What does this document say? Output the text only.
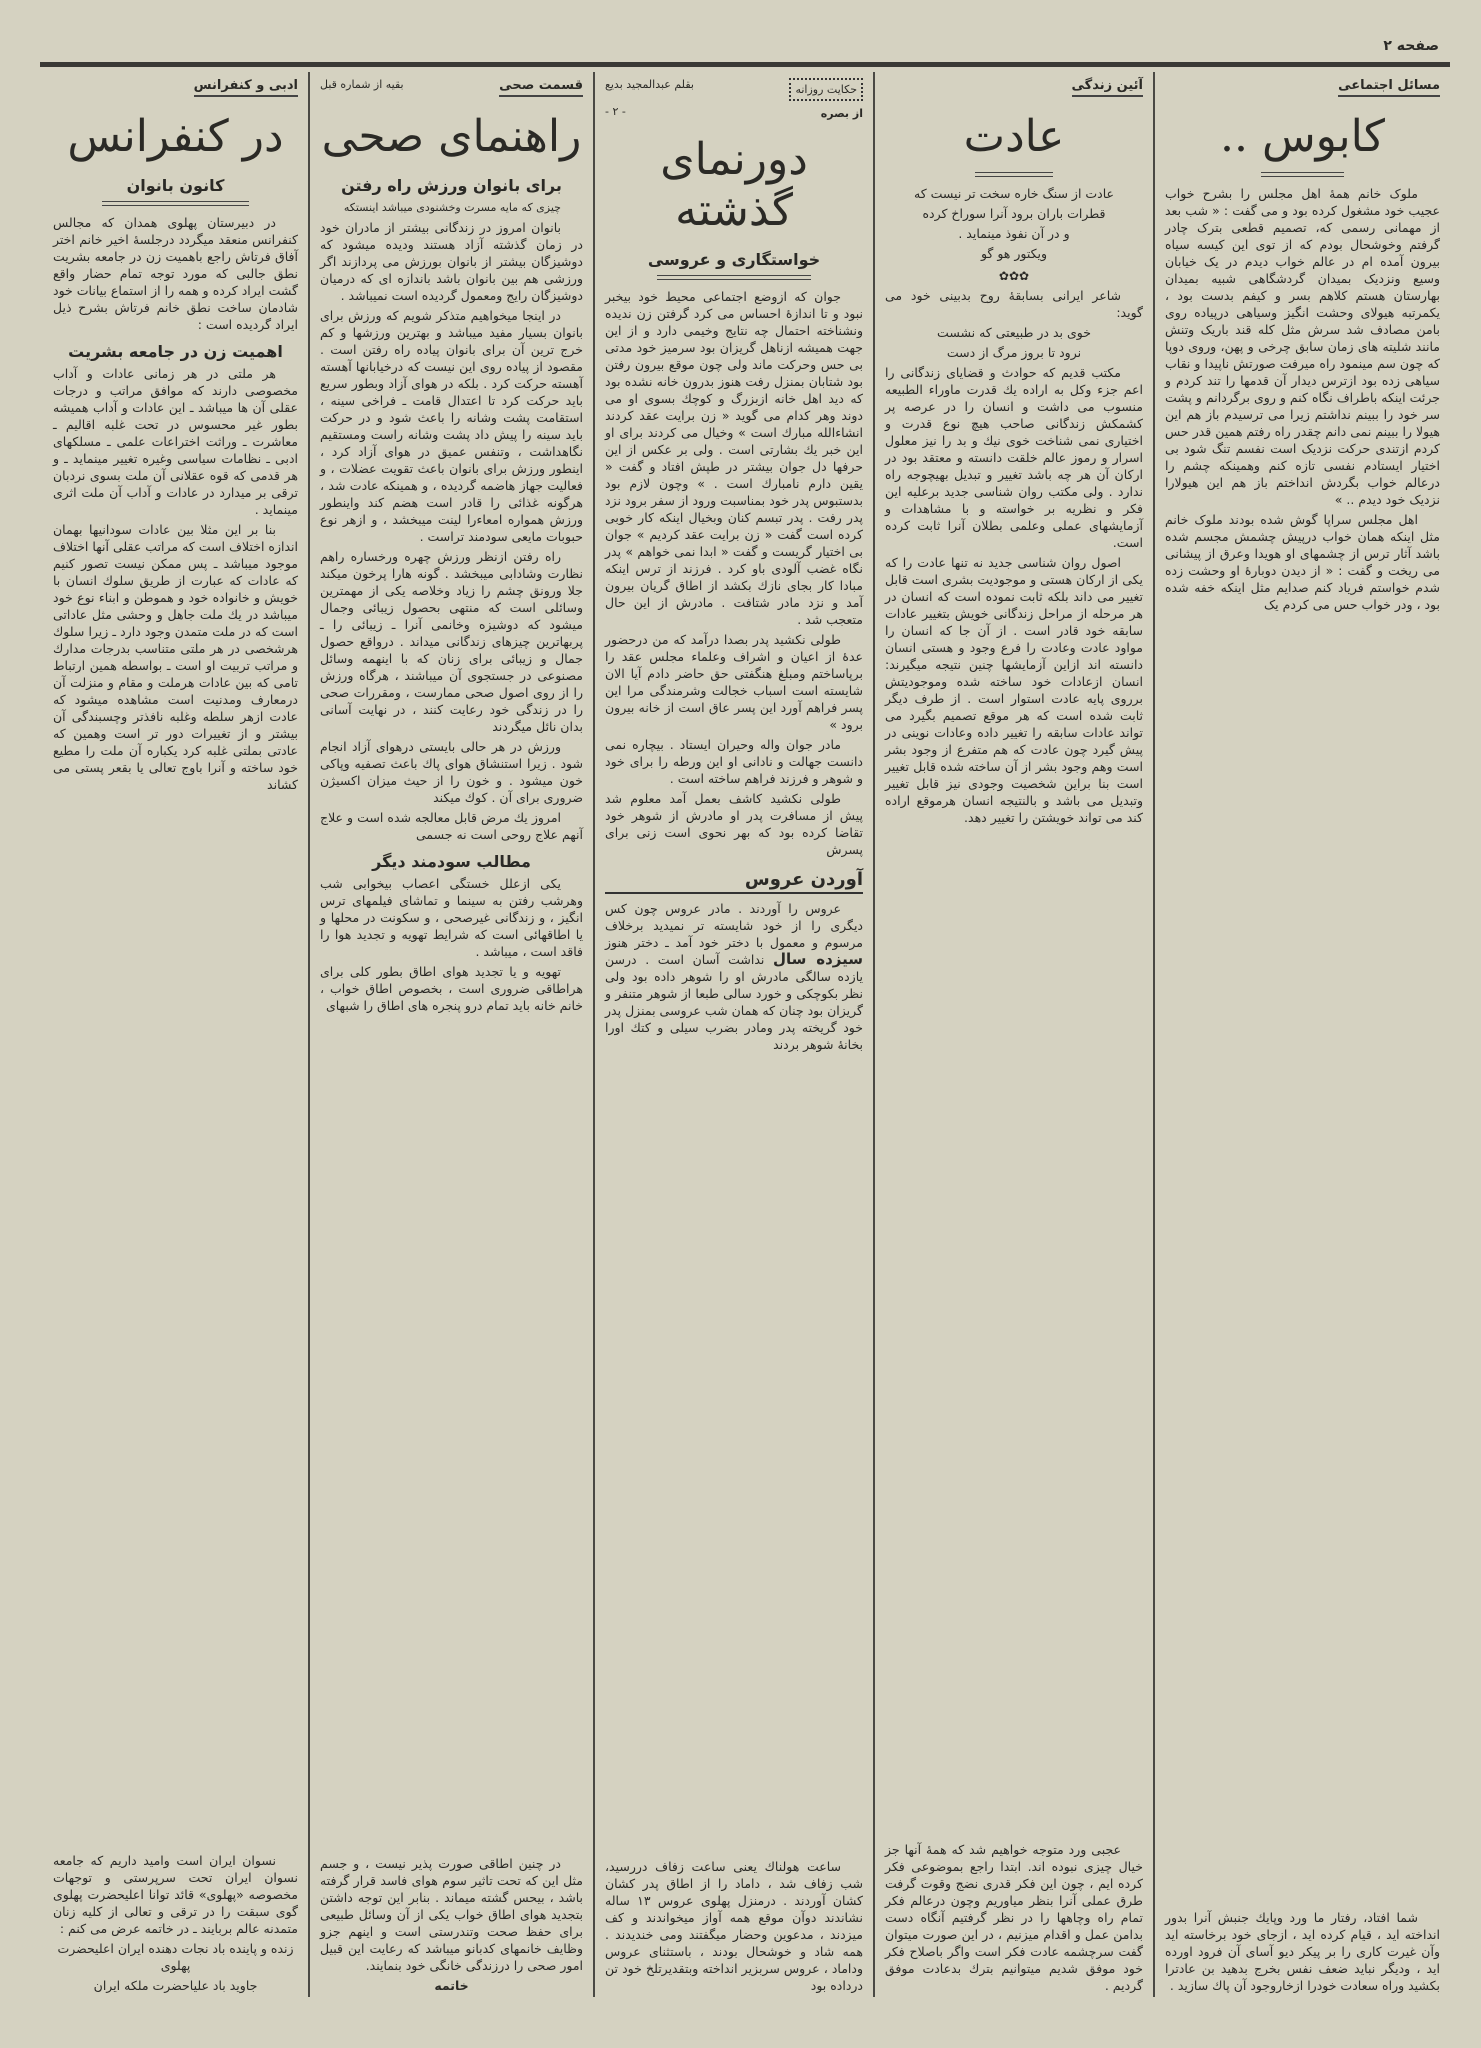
صفحه ۲
مسائل اجتماعی
کابوس ..

ملوک خانم همهٔ اهل مجلس را بشرح خواب عجیب خود مشغول کرده بود و می گفت : « شب بعد از مهمانی رسمی که، تصمیم قطعی بترک چادر گرفتم وخوشحال بودم که از توی این کیسه سیاه بیرون آمده ام در عالم خواب دیدم در یک خیابان وسیع ونزدیک بمیدان گردشگاهی شبیه بمیدان بهارستان هستم کلاهم بسر و کیفم بدست بود ، یکمرتبه هیولای وحشت انگیز وسیاهی درپیاده روی بامن مصادف شد سرش مثل کله قند باریک وتنش مانند شلیته های زمان سابق چرخی و پهن، وروی دوپا که چون سم مینمود راه میرفت صورتش ناپیدا و نقاب سیاهی زده بود ازترس دیدار آن قدمها را تند کردم و جرئت اینکه باطراف نگاه کنم و روی برگردانم و پشت سر خود را ببینم نداشتم زیرا می ترسیدم باز هم این هیولا را ببینم نمی دانم چقدر راه رفتم همین قدر حس کردم ازتندی حرکت نزدیک است نفسم تنگ شود بی اختیار ایستادم نفسی تازه کنم وهمینکه چشم را درعالم خواب بگردش انداختم باز هم این هیولارا نزدیک خود دیدم .. »

اهل مجلس سراپا گوش شده بودند ملوک خانم مثل اینکه همان خواب درپیش چشمش مجسم شده باشد آثار ترس از چشمهای او هویدا وعرق از پیشانی می ریخت و گفت : « از دیدن دوبارهٔ او وحشت زده شدم خواستم فریاد کنم صدایم مثل اینکه خفه شده بود ، ودر خواب حس می کردم یک

شما افتاد، رفتار ما ورد وپایك جنبش آنرا بدور انداخته اید ، قیام کرده اید ، ازجای خود برخاسته اید وآن غیرت کاری را بر پیکر دیو آسای آن فرود اورده اید ، ودیگر نباید ضعف نفس بخرج بدهید بن عادترا بکشید وراه سعادت خودرا ازخاروجود آن پاك سازید .

آئین زندگی
عادت

عادت از سنگ خاره سخت تر نیست که

قطرات باران برود آنرا سوراخ کرده

و در آن نفوذ مینماید .

ویکتور هو گو

✿✿✿

شاعر ایرانی بسابقهٔ روح بدبینی خود می گوید:

خوی بد در طبیعتی که نشست

نرود تا بروز مرگ از دست

مکتب قدیم که حوادث و قضایای زندگانی را اعم جزء وکل به اراده یك قدرت ماوراء الطبیعه منسوب می داشت و انسان را در عرصه پر کشمکش زندگانی صاحب هیچ نوع قدرت و اختیاری نمی شناخت خوی نیك و بد را نیز معلول اسرار و رموز عالم خلقت دانسته و معتقد بود در ارکان آن هر چه باشد تغییر و تبدیل بهیچوجه راه ندارد . ولی مکتب روان شناسی جدید برعلیه این فکر و نظریه بر خواسته و با مشاهدات و آزمایشهای عملی وعلمی بطلان آنرا ثابت کرده است.

اصول روان شناسی جدید نه تنها عادت را که یکی از ارکان هستی و موجودیت بشری است قابل تغییر می داند بلکه ثابت نموده است که انسان در هر مرحله از مراحل زندگانی خویش بتغییر عادات سابقه خود قادر است . از آن جا که انسان را مواود عادت وعادت را فرع وجود و هستی انسان دانسته اند ازاین آزمایشها چنین نتیجه میگیرند: انسان ازعادات خود ساخته شده وموجودیتش برروی پایه عادت استوار است . از طرف دیگر ثابت شده است که هر موقع تصمیم بگیرد می تواند عادات سابقه را تغییر داده وعادات نوینی در پیش گیرد چون عادت که هم متفرع از وجود بشر است وهم وجود بشر از آن ساخته شده قابل تغییر است بنا براین شخصیت وجودی نیز قابل تغییر وتبدیل می باشد و بالنتیجه انسان هرموقع اراده کند می تواند خویشتن را تغییر دهد.

عجبی ورد متوجه خواهیم شد که همهٔ آنها جز خیال چیزی نبوده اند. ابتدا راجع بموضوعی فکر کرده ایم ، چون این فکر قدری نضج وقوت گرفت طرق عملی آنرا بنظر میاوریم وچون درعالم فکر تمام راه وچاهها را در نظر گرفتیم آنگاه دست بدامن عمل و اقدام میزنیم ، در این صورت میتوان گفت سرچشمه عادت فکر است واگر باصلاح فکر خود موفق شدیم میتوانیم بترك بدعادت موفق گردیم .

حکایت روزانه
از بصره
بقلم عبدالمجید بدیع
- ۲ -
دورنمای گذشته
خواستگاری و عروسی

جوان که ازوضع اجتماعی محیط خود بیخبر نبود و تا اندازهٔ احساس می کرد گرفتن زن ندیده ونشناخته احتمال چه نتایج وخیمی دارد و از این جهت همیشه ازناهل گریزان بود سرمیز خود مدتی بی حس وحرکت ماند ولی چون موقع بیرون رفتن بود شتابان بمنزل رفت هنوز بدرون خانه نشده بود که دید اهل خانه ازبزرگ و کوچك بسوی او می دوند وهر کدام می گوید « زن برایت عقد کردند انشاءالله مبارك است » وخیال می کردند برای او این خبر یك بشارتی است . ولی بر عکس از این حرفها دل جوان بیشتر در طپش افتاد و گفت « یقین دارم نامبارك است . » وچون لازم بود بدستبوس پدر خود بمناسبت ورود از سفر برود نزد پدر رفت . پدر تبسم کنان وبخیال اینکه کار خوبی کرده است گفت « زن برایت عقد کردیم » جوان بی اختیار گریست و گفت « ابدا نمی خواهم » پدر نگاه غضب آلودی باو کرد . فرزند از ترس اینکه مبادا کار بجای نازك بکشد از اطاق گریان بیرون آمد و نزد مادر شتافت . مادرش از این حال متعجب شد .

طولی نکشید پدر بصدا درآمد که من درحضور عدهٔ از اعیان و اشراف وعلماء مجلس عقد را برپاساختم ومبلغ هنگفتی حق حاضر دادم آیا الان شایسته است اسباب خجالت وشرمندگی مرا این پسر فراهم آورد این پسر عاق است از خانه بیرون برود »

مادر جوان واله وحیران ایستاد . بیچاره نمی دانست جهالت و نادانی او این ورطه را برای خود و شوهر و فرزند فراهم ساخته است .

طولی نکشید کاشف بعمل آمد معلوم شد پیش از مسافرت پدر او مادرش از شوهر خود تقاضا کرده بود که بهر نحوی است زنی برای پسرش

آوردن عروس

عروس را آوردند . مادر عروس چون کس دیگری را از خود شایسته تر نمیدید برخلاف مرسوم و معمول با دختر خود آمد ـ دختر هنوز سیزده سال نداشت آسان است . درسن یازده سالگی مادرش او را شوهر داده بود ولی نظر بکوچکی و خورد سالی طبعا از شوهر متنفر و گریزان بود چنان که همان شب عروسی بمنزل پدر خود گریخته پدر ومادر بضرب سیلی و کتك اورا بخانهٔ شوهر بردند

ساعت هولناك یعنی ساعت زفاف دررسید، شب زفاف شد ، داماد را از اطاق پدر کشان کشان آوردند . درمنزل پهلوی عروس ۱۳ ساله نشاندند دوآن موقع همه آواز میخواندند و کف میزدند ، مدعوین وحضار میگفتند ومی خندیدند . همه شاد و خوشحال بودند ، باستثنای عروس وداماد ، عروس سربزیر انداخته وبتقدیرتلخ خود تن درداده بود

قسمت صحی
بقیه از شماره قبل
راهنمای صحی
برای بانوان ورزش راه رفتن

چیزی که مایه مسرت وخشنودی میباشد اینستکه

بانوان امروز در زندگانی بیشتر از مادران خود در زمان گذشته آزاد هستند ودیده میشود که دوشیزگان بیشتر از بانوان بورزش می پردازند اگر ورزشی هم بین بانوان باشد باندازه ای که درمیان دوشیزگان رایج ومعمول گردیده است نمیباشد .

در اینجا میخواهیم متذکر شویم که ورزش برای بانوان بسیار مفید میباشد و بهترین ورزشها و کم خرج ترین آن برای بانوان پیاده راه رفتن است . مقصود از پیاده روی این نیست که درخیابانها آهسته آهسته حرکت کرد . بلکه در هوای آزاد وبطور سریع باید حرکت کرد تا اعتدال قامت ـ فراخی سینه ، استقامت پشت وشانه را باعث شود و در حرکت باید سینه را پیش داد پشت وشانه راست ومستقیم نگاهداشت ، وتنفس عمیق در هوای آزاد کرد ، اینطور ورزش برای بانوان باعث تقویت عضلات ، و فعالیت جهاز هاضمه گردیده ، و همینکه عادت شد ، هرگونه غذائی را قادر است هضم کند واینطور ورزش همواره امعاءرا لینت میبخشد ، و ازهر نوع حبوبات مایعی سودمند تراست .

راه رفتن ازنظر ورزش چهره ورخساره راهم نظارت وشادابی میبخشد . گونه هارا پرخون میکند جلا ورونق چشم را زیاد وخلاصه یکی از مهمترین وسائلی است که منتهی بحصول زیبائی وجمال میشود که دوشیزه وخانمی آنرا ـ زیبائی را ـ پربهاترین چیزهای زندگانی میداند . درواقع حصول جمال و زیبائی برای زنان که با اینهمه وسائل مصنوعی در جستجوی آن میباشند ، هرگاه ورزش را از روی اصول صحی ممارست ، ومقررات صحی را در زندگی خود رعایت کنند ، در نهایت آسانی بدان نائل میگردند

ورزش در هر حالی بایستی درهوای آزاد انجام شود . زیرا استنشاق هوای پاك باعث تصفیه وپاکی خون میشود . و خون را از حیث میزان اکسیژن ضروری برای آن . کوك میکند

امروز یك مرض قابل معالجه شده است و علاج آنهم علاج روحی است نه جسمی

مطالب سودمند دیگر

یکی ازعلل خستگی اعصاب بیخوابی شب وهرشب رفتن به سینما و تماشای فیلمهای ترس انگیز ، و زندگانی غیرصحی ، و سکونت در محلها و یا اطاقهائی است که شرایط تهویه و تجدید هوا را فاقد است ، میباشد .

تهویه و یا تجدید هوای اطاق بطور کلی برای هراطاقی ضروری است ، بخصوص اطاق خواب ، خانم خانه باید تمام درو پنجره های اطاق را شبهای

در چنین اطاقی صورت پذیر نیست ، و جسم مثل این که تحت تاثیر سوم هوای فاسد قرار گرفته باشد ، بیحس گشته میماند . بنابر این توجه داشتن بتجدید هوای اطاق خواب یکی از آن وسائل طبیعی برای حفظ صحت وتندرستی است و اینهم جزو وظایف خانمهای کدبانو میباشد که رعایت این قبیل امور صحی را درزندگی خانگی خود بنمایند.

خاتمه

ادبی و کنفرانس
در کنفرانس
کانون بانوان

در دبیرستان پهلوی همدان که مجالس کنفرانس منعقد میگردد درجلسهٔ اخیر خانم اختر آفاق فرتاش راجع باهمیت زن در جامعه بشریت نطق جالبی که مورد توجه تمام حضار واقع گشت ایراد کرده و همه را از استماع بیانات خود شادمان ساخت نطق خانم فرتاش بشرح ذیل ایراد گردیده است :

اهمیت زن در جامعه بشریت

هر ملتی در هر زمانی عادات و آداب مخصوصی دارند که موافق مراتب و درجات عقلی آن ها میباشد ـ این عادات و آداب همیشه بطور غیر محسوس در تحت غلبه اقالیم ـ معاشرت ـ وراثت اختراعات علمی ـ مسلکهای ادبی ـ نظامات سیاسی وغیره تغییر مینماید ـ و هر قدمی که قوه عقلانی آن ملت بسوی نردبان ترقی بر میدارد در عادات و آداب آن ملت اثری مینماید .

بنا بر این مثلا بین عادات سودانیها بهمان اندازه اختلاف است که مراتب عقلی آنها اختلاف موجود میباشد ـ پس ممکن نیست تصور کنیم که عادات که عبارت از طریق سلوك انسان با خویش و خانواده خود و هموطن و ابناء نوع خود میباشد در یك ملت جاهل و وحشی مثل عاداتی است که در ملت متمدن وجود دارد ـ زیرا سلوك هرشخصی در هر ملتی متناسب بدرجات مدارك و مراتب تربیت او است ـ بواسطه همین ارتباط تامی که بین عادات هرملت و مقام و منزلت آن درمعارف ومدنیت است مشاهده میشود که عادت ازهر سلطه وغلبه نافذتر وچسبندگی آن بیشتر و از تغییرات دور تر است وهمین که عادتی بملتی غلبه کرد یکباره آن ملت را مطیع خود ساخته و آنرا باوج تعالی یا بقعر پستی می کشاند

نسوان ایران است وامید داریم که جامعه نسوان ایران تحت سرپرستی و توجهات مخصوصه «پهلوی» قائد توانا اعلیحضرت پهلوی گوی سبقت را در ترقی و تعالی از کلیه زنان متمدنه عالم بربایند ـ در خاتمه عرض می کنم :

زنده و پاینده باد نجات دهنده ایران اعلیحضرت پهلوی

جاوید باد علیاحضرت ملکه ایران
